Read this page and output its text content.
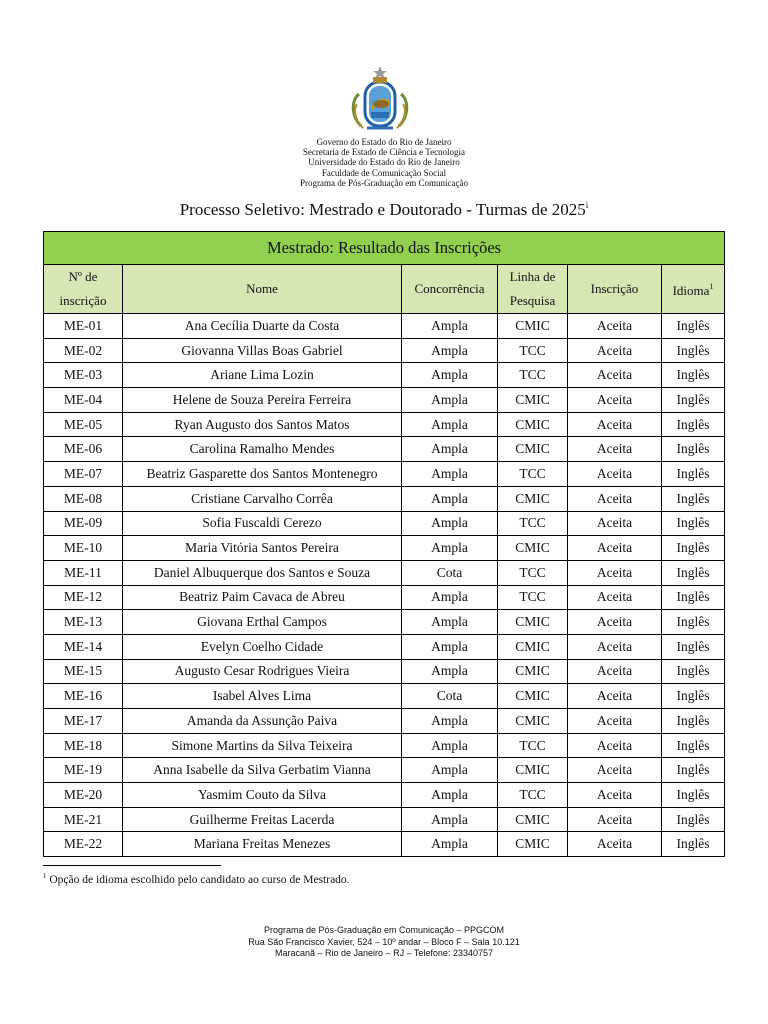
Governo do Estado do Rio de Janeiro
Secretaria de Estado de Ciência e Tecnologia
Universidade do Estado do Rio de Janeiro
Faculdade de Comunicação Social
Programa de Pós-Graduação em Comunicação
Processo Seletivo: Mestrado e Doutorado - Turmas de 2025$^i$
Mestrado: Resultado das Inscrições					
Nº de inscrição	Nome	Concorrência	Linha de Pesquisa	Inscrição	Idioma$^1$
ME-01	Ana Cecília Duarte da Costa	Ampla	CMIC	Aceita	Inglês
ME-02	Giovanna Villas Boas Gabriel	Ampla	TCC	Aceita	Inglês
ME-03	Ariane Lima Lozin	Ampla	TCC	Aceita	Inglês
ME-04	Helene de Souza Pereira Ferreira	Ampla	CMIC	Aceita	Inglês
ME-05	Ryan Augusto dos Santos Matos	Ampla	CMIC	Aceita	Inglês
ME-06	Carolina Ramalho Mendes	Ampla	CMIC	Aceita	Inglês
ME-07	Beatriz Gasparette dos Santos Montenegro	Ampla	TCC	Aceita	Inglês
ME-08	Cristiane Carvalho Corrêa	Ampla	CMIC	Aceita	Inglês
ME-09	Sofia Fuscaldi Cerezo	Ampla	TCC	Aceita	Inglês
ME-10	Maria Vitória Santos Pereira	Ampla	CMIC	Aceita	Inglês
ME-11	Daniel Albuquerque dos Santos e Souza	Cota	TCC	Aceita	Inglês
ME-12	Beatriz Paim Cavaca de Abreu	Ampla	TCC	Aceita	Inglês
ME-13	Giovana Erthal Campos	Ampla	CMIC	Aceita	Inglês
ME-14	Evelyn Coelho Cidade	Ampla	CMIC	Aceita	Inglês
ME-15	Augusto Cesar Rodrigues Vieira	Ampla	CMIC	Aceita	Inglês
ME-16	Isabel Alves Lima	Cota	CMIC	Aceita	Inglês
ME-17	Amanda da Assunção Paiva	Ampla	CMIC	Aceita	Inglês
ME-18	Simone Martins da Silva Teixeira	Ampla	TCC	Aceita	Inglês
ME-19	Anna Isabelle da Silva Gerbatim Vianna	Ampla	CMIC	Aceita	Inglês
ME-20	Yasmim Couto da Silva	Ampla	TCC	Aceita	Inglês
ME-21	Guilherme Freitas Lacerda	Ampla	CMIC	Aceita	Inglês
ME-22	Mariana Freitas Menezes	Ampla	CMIC	Aceita	Inglês
$^1$ Opção de idioma escolhido pelo candidato ao curso de Mestrado.
Programa de Pós-Graduação em Comunicação – PPGCOM
Rua São Francisco Xavier, 524 – 10º andar – Bloco F – Sala 10.121
Maracanã – Rio de Janeiro – RJ – Telefone: 23340757
